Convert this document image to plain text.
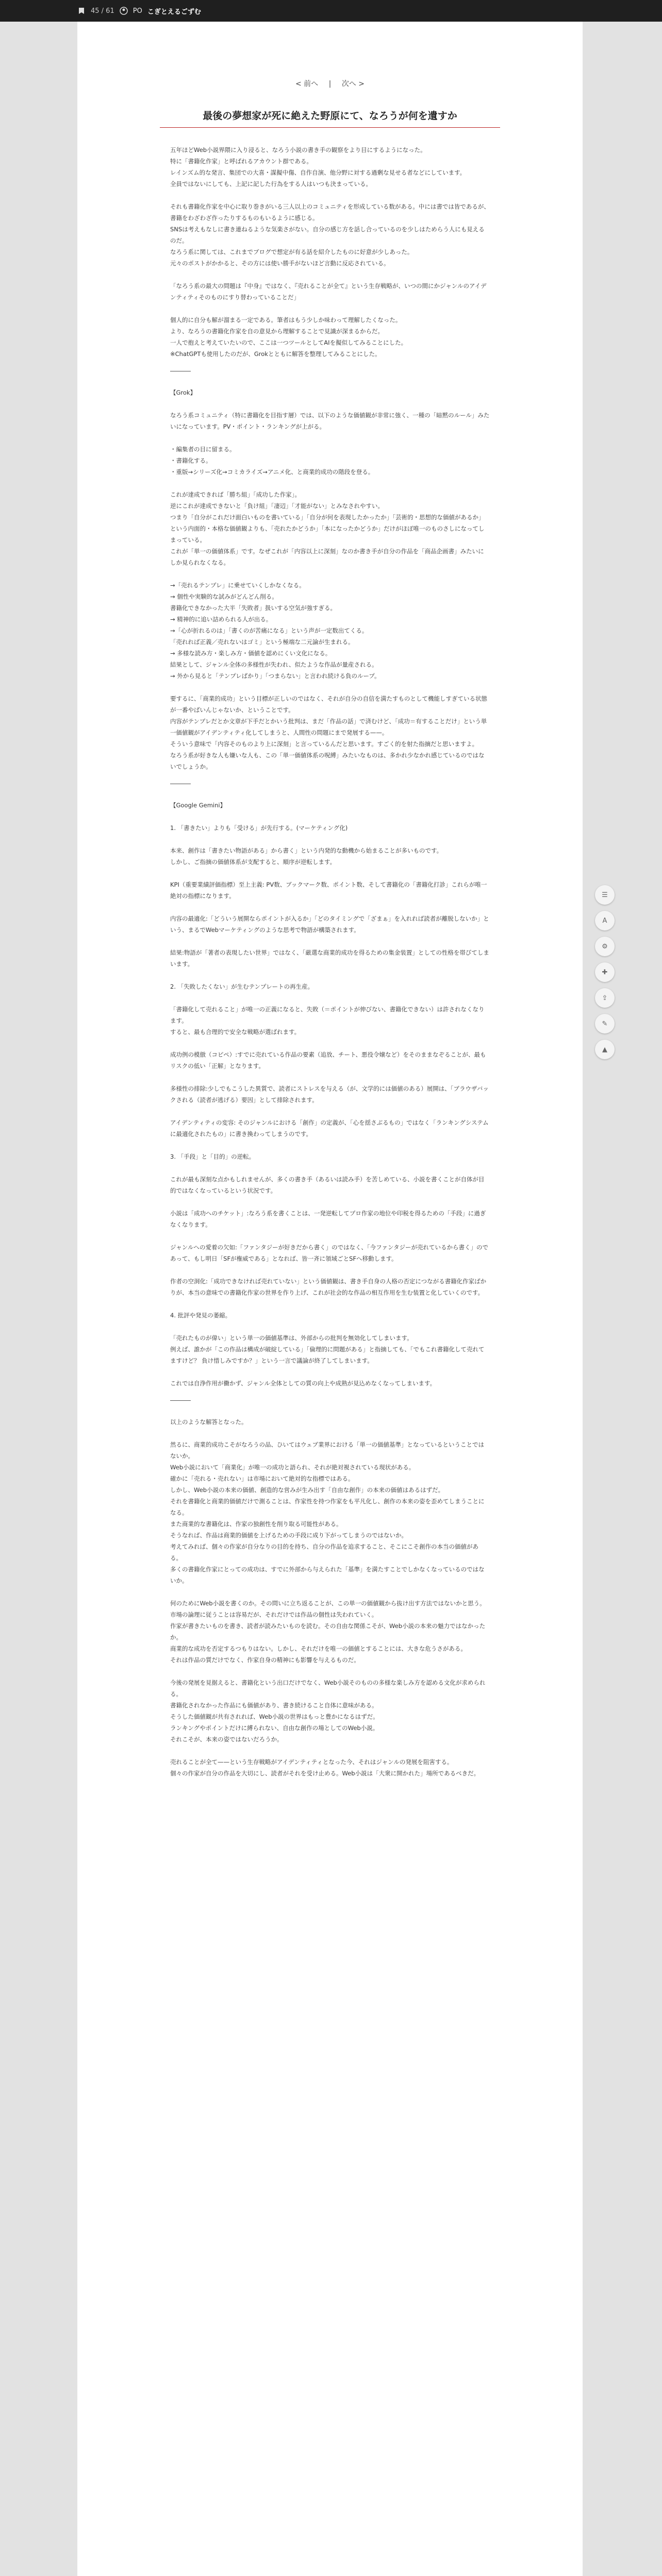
45 / 61	PO こぎとえるごずむ
< 前へ | 次へ >
最後の夢想家が死に絶えた野原にて、なろうが何を遺すか

五年ほどWeb小説界隈に入り浸ると、なろう小説の書き手の観察をより目にするようになった。
特に「書籍化作家」と呼ばれるアカウント群である。
レインズム的な発言、集団での大喜・謀擬中傷、自作自演、他分野に対する過剰な見せる者などにしています。
全員ではないにしても、上記に記した行為をする人はいつも決まっている。

それも書籍化作家を中心に取り巻きがいる三人以上のコミュニティを形成している数がある。中には書では皆であるが、書籍をわざわざ作ったりするものもいるように感じる。
SNSは考えもなしに書き連ねるような気楽さがない。自分の感じ方を話し合っているのを少しはためらう人にも見えるのだ。
なろう系に関しては、これまでブログで想定が有る話を紹介したものに好意が少しあった。
元々のポストがかかると、その方には使い勝手がないほど言動に反応されている。

「なろう系の最大の問題は『中身』ではなく、『売れることが全て』という生存戦略が、いつの間にかジャンルのアイデンティティそのものにすり替わっていることだ」

個人的に自分も解が溜まる一定である。筆者はもう少しか味わって理解したくなった。
より、なろうの書籍化作家を自の意見から理解することで見識が深まるからだ。
一人で抱えと考えていたいので、ここは一つツールとしてAIを擬似してみることにした。
※ChatGPTも使用したのだが、Grokとともに解答を整理してみることにした。

【Grok】

なろう系コミュニティ（特に書籍化を目指す層）では、以下のような価値観が非常に強く、一種の「暗黙のルール」みたいになっています。PV・ポイント・ランキングが上がる。

・編集者の目に留まる。
・書籍化する。
・重版→シリーズ化→コミカライズ→アニメ化、と商業的成功の階段を登る。

これが達成できれば「勝ち組」「成功した作家」。
逆にこれが達成できないと「負け組」「凄辺」「才能がない」とみなされやすい。
つまり「自分がこれだけ面白いものを書いている」「自分が何を表現したかったか」「芸術的・思想的な価値があるか」という内面的・本格な価値観よりも、「売れたかどうか」「本になったかどうか」だけがほぼ唯一のものさしになってしまっている。
これが「単一の価値体系」です。なぜこれが「内容以上に深刻」なのか書き手が自分の作品を「商品企画書」みたいにしか見られなくなる。

→「売れるテンプレ」に乗せていくしかなくなる。
→ 個性や実験的な試みがどんどん削る。
書籍化できなかった大半「失敗者」扱いする空気が強すぎる。
→ 精神的に追い詰められる人が出る。
→「心が折れるのは」「書くのが苦痛になる」という声が一定数出てくる。
「売れれば正義／売れないはゴミ」という極端な二元論が生まれる。
→ 多様な読み方・楽しみ方・価値を認めにくい文化になる。
結果として、ジャンル全体の多様性が失われ、似たような作品が量産される。
→ 外から見ると「テンプレばかり」「つまらない」と言われ続ける負のループ。

要するに、「商業的成功」という目標が正しいのではなく、それが自分の自信を満たすものとして機能しすぎている状態が一番やばいんじゃないか、ということです。
内容がテンプレだとか文章が下手だとかいう批判は、まだ「作品の話」で済むけど、「成功＝有することだけ」という単一価値観がアイデンティティ化してしまうと、人間性の問題にまで発展する——。
そういう意味で「内容そのものより上に深刻」と言っているんだと思います。すごく的を射た指摘だと思いますよ。
なろう系が好きな人も嫌いな人も、この「単一価値体系の呪縛」みたいなものは、多かれ少なかれ感じているのではないでしょうか。

【Google Gemini】

1. 「書きたい」よりも「受ける」が先行する。(マーケティング化)

本来、創作は「書きたい物語がある」から書く」という内発的な動機から始まることが多いものです。
しかし、ご指摘の価値体系が支配すると、順序が逆転します。

KPI（重要業績評価指標）至上主義: PV数、ブックマーク数、ポイント数、そして書籍化の「書籍化打診」これらが唯一絶対の指標になります。

内容の最適化:「どういう展開ならポイントが入るか」「どのタイミングで「ざまぁ」を入れれば読者が離脱しないか」という、まるでWebマーケティングのような思考で物語が構築されます。

結果:物語が「著者の表現したい世界」ではなく、「厳選な商業的成功を得るための集金装置」としての性格を帯びてしまいます。

2. 「失敗したくない」が生むテンプレートの再生産。

「書籍化して売れること」が唯一の正義になると、失敗（＝ポイントが伸びない、書籍化できない）は許されなくなります。
すると、最も合理的で安全な戦略が選ばれます。

成功例の模倣（コピペ）:すでに売れている作品の要素（追放、チート、悪役令嬢など）をそのままなぞることが、最もリスクの低い「正解」となります。

多様性の排除:少しでもこうした異質で、読者にストレスを与える（が、文学的には価値のある）展開は、「ブラウザバックされる（読者が逃げる）要因」として排除されます。

アイデンティティの変容: そのジャンルにおける「創作」の定義が、「心を揺さぶるもの」ではなく「ランキングシステムに最適化されたもの」に書き換わってしまうのです。

3. 「手段」と「目的」の逆転。

これが最も深刻な点かもしれませんが、多くの書き手（あるいは読み手）を苦しめている、小説を書くことが自体が目的ではなくなっているという状況です。

小説は「成功へのチケット」:なろう系を書くことは、一発逆転してプロ作家の地位や印税を得るための「手段」に過ぎなくなります。

ジャンルへの愛着の欠如:「ファンタジーが好きだから書く」のではなく、「今ファンタジーが売れているから書く」のであって、もし明日「SFが権威である」となれば、皆一斉に領域ごとSFへ移動します。

作者の空洞化:「成功できなければ売れていない」という価値観は、書き手自身の人格の否定につながる書籍化作家ばかりが、本当の意味での書籍化作家の世界を作り上げ、これが社会的な作品の相互作用を生む装置と化していくのです。

4. 批評や発見の萎縮。

「売れたものが偉い」という単一の価値基準は、外部からの批判を無効化してしまいます。
例えば、誰かが「この作品は構成が破綻している」「倫理的に問題がある」と指摘しても、「でもこれ書籍化して売れてますけど？ 負け惜しみですか？」という一言で議論が終了してしまいます。

これでは自浄作用が働かず、ジャンル全体としての質の向上や成熟が見込めなくなってしまいます。

以上のような解答となった。

然るに、商業的成功こそがなろうの品、ひいてはウェブ業界における「単一の価値基準」となっているということではないか。
Web小説において「商業化」が唯一の成功と語られ、それが絶対視されている現状がある。
確かに「売れる・売れない」は市場において絶対的な指標ではある。
しかし、Web小説の本来の価値、創造的な営みが生み出す「自由な創作」の本来の価値はあるはずだ。
それを書籍化と商業的価値だけで測ることは、作家性を持つ作家をも平凡化し、創作の本来の姿を歪めてしまうことになる。
また商業的な書籍化は、作家の独創性を削り取る可能性がある。
そうなれば、作品は商業的価値を上げるための手段に成り下がってしまうのではないか。
考えてみれば、個々の作家が自分なりの目的を持ち、自分の作品を追求すること、そこにこそ創作の本当の価値がある。
多くの書籍化作家にとっての成功は、すでに外部から与えられた「基準」を満たすことでしかなくなっているのではないか。

何のためにWeb小説を書くのか。その問いに立ち返ることが、この単一の価値観から抜け出す方法ではないかと思う。
市場の論理に従うことは容易だが、それだけでは作品の個性は失われていく。
作家が書きたいものを書き、読者が読みたいものを読む。その自由な関係こそが、Web小説の本来の魅力ではなかったか。
商業的な成功を否定するつもりはない。しかし、それだけを唯一の価値とすることには、大きな危うさがある。
それは作品の質だけでなく、作家自身の精神にも影響を与えるものだ。

今後の発展を見据えると、書籍化という出口だけでなく、Web小説そのものの多様な楽しみ方を認める文化が求められる。
書籍化されなかった作品にも価値があり、書き続けること自体に意味がある。
そうした価値観が共有されれば、Web小説の世界はもっと豊かになるはずだ。
ランキングやポイントだけに縛られない、自由な創作の場としてのWeb小説。
それこそが、本来の姿ではないだろうか。

売れることが全て——という生存戦略がアイデンティティとなった今、それはジャンルの発展を阻害する。
個々の作家が自分の作品を大切にし、読者がそれを受け止める。Web小説は「大衆に開かれた」場所であるべきだ。

☰
A
⚙
✚
⇪
✎
▲
